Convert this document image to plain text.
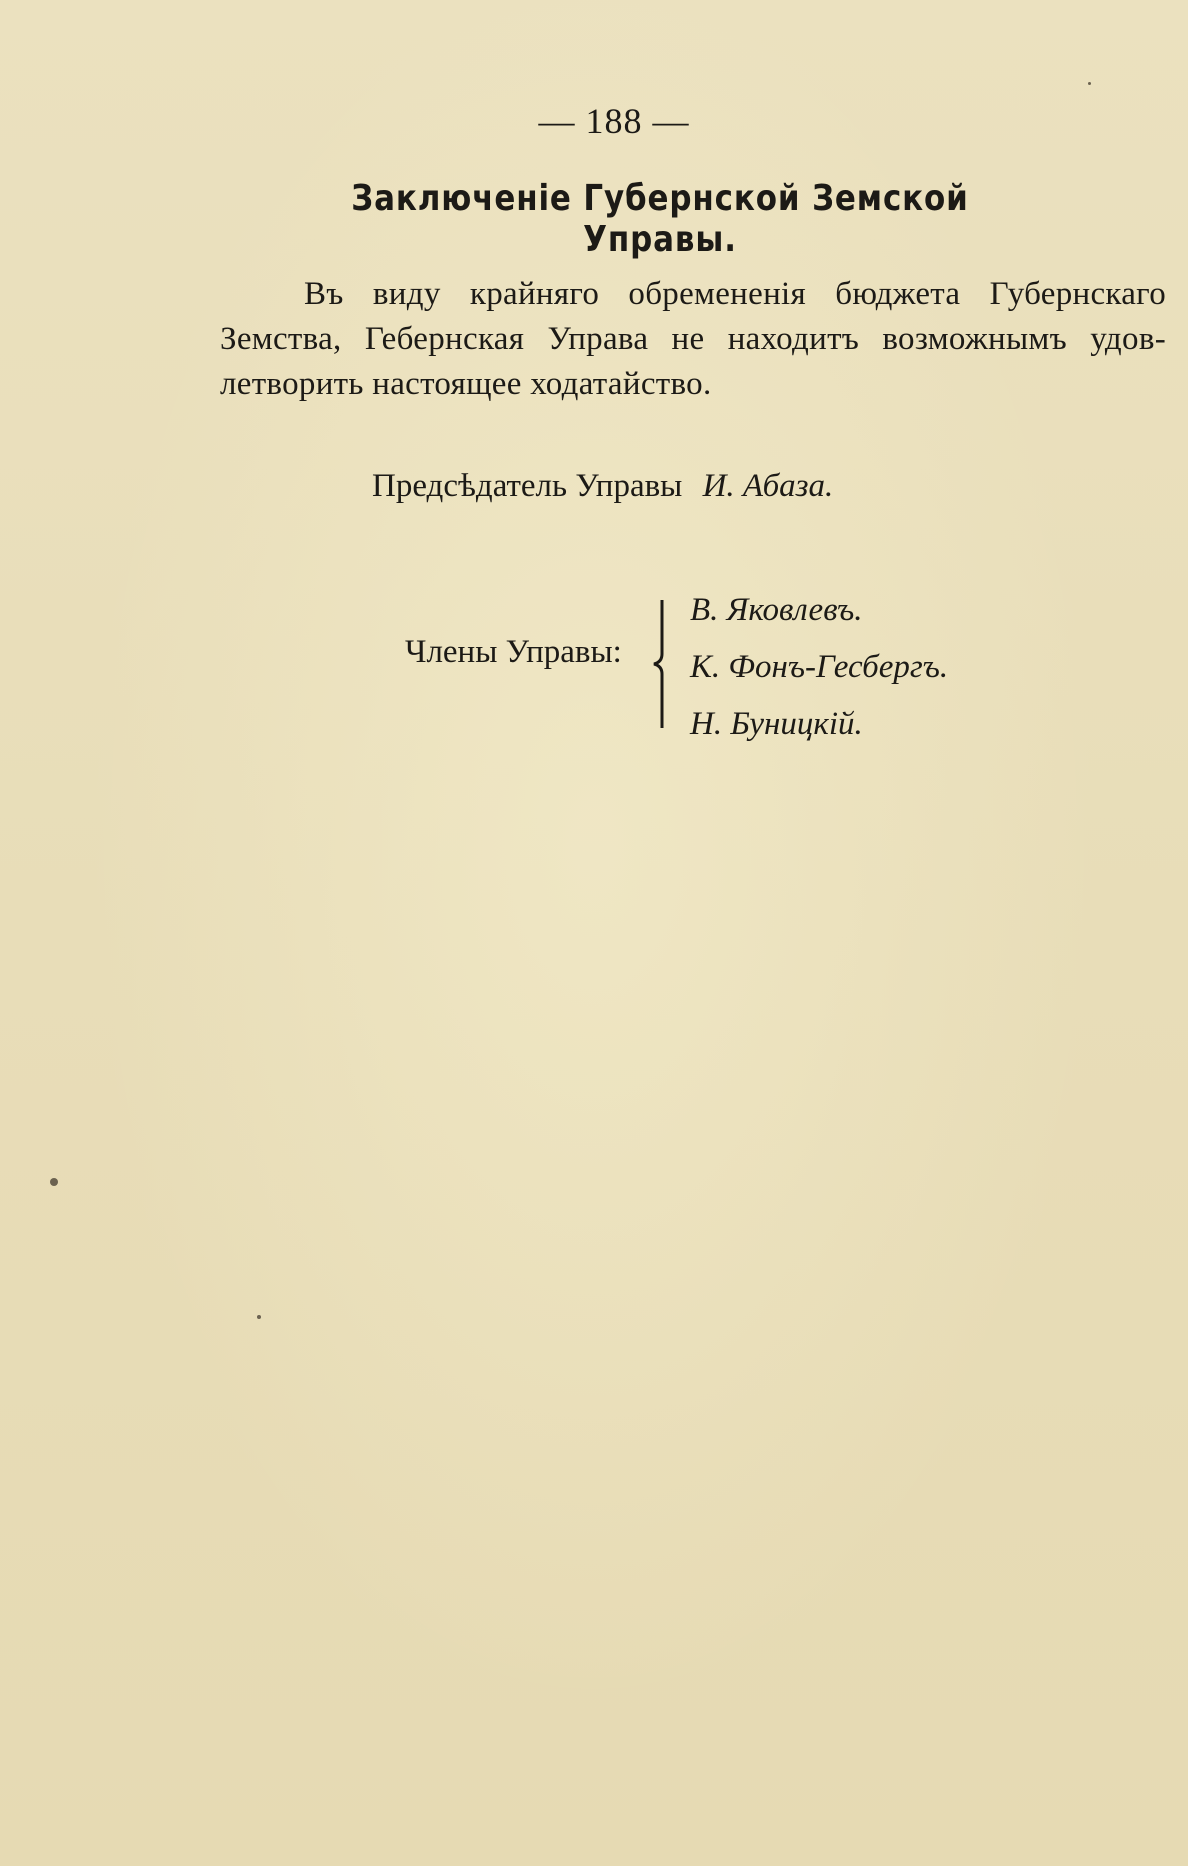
— 188 —
Заключеніе Губернской Земской Управы.
Въ виду крайняго обремененія бюджета Губернскаго
Земства, Гебернская Управа не находитъ возможнымъ удов-
летворить настоящее ходатайство.
Предсѣдатель Управы И. Абаза.
Члены Управы:
В. Яковлевъ.
К. Фонъ-Гесбергъ.
Н. Буницкій.
